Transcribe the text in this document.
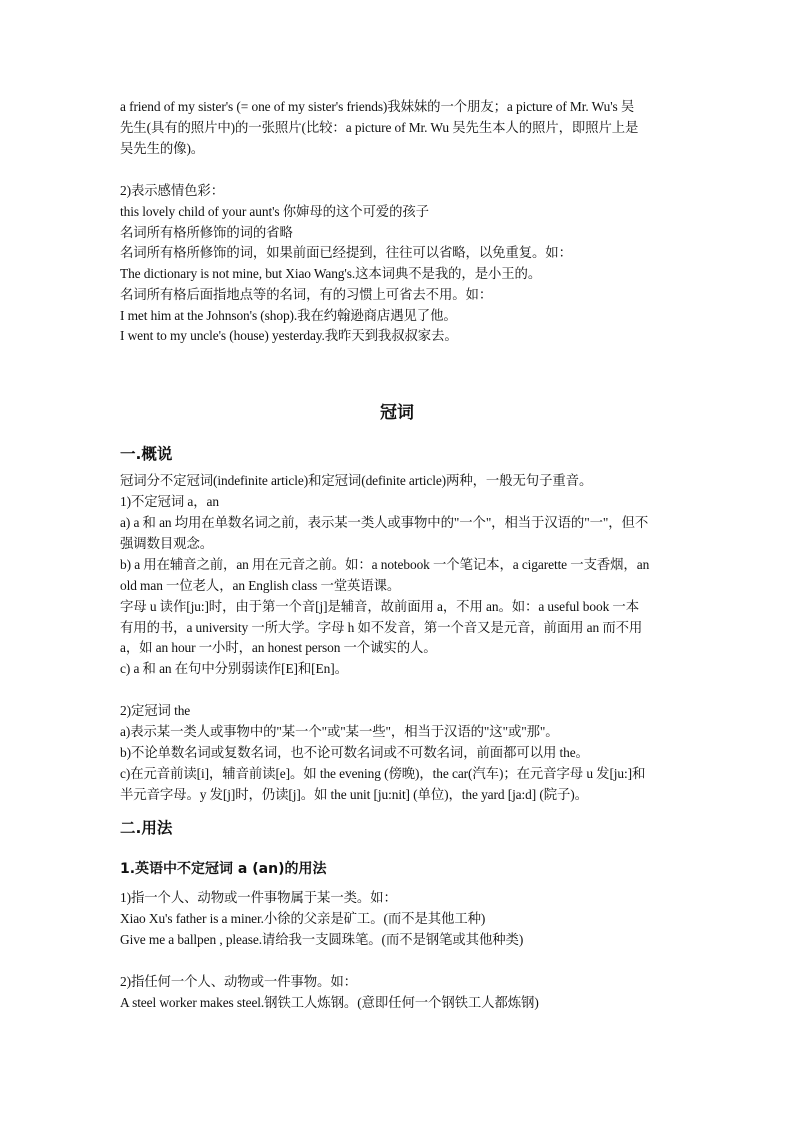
a friend of my sister's (= one of my sister's friends)我妹妹的一个朋友；a picture of Mr. Wu's 吴
先生(具有的照片中)的一张照片(比较：a picture of Mr. Wu 吴先生本人的照片，即照片上是
吴先生的像)。
2)表示感情色彩：
this lovely child of your aunt's 你婶母的这个可爱的孩子
名词所有格所修饰的词的省略
名词所有格所修饰的词，如果前面已经提到，往往可以省略，以免重复。如：
The dictionary is not mine, but Xiao Wang's.这本词典不是我的，是小王的。
名词所有格后面指地点等的名词，有的习惯上可省去不用。如：
I met him at the Johnson's (shop).我在约翰逊商店遇见了他。
I went to my uncle's (house) yesterday.我昨天到我叔叔家去。
冠词
一.概说
冠词分不定冠词(indefinite article)和定冠词(definite article)两种，一般无句子重音。
1)不定冠词 a，an
a) a 和 an 均用在单数名词之前，表示某一类人或事物中的"一个"，相当于汉语的"一"，但不
强调数目观念。
b) a 用在辅音之前，an 用在元音之前。如：a notebook 一个笔记本，a cigarette 一支香烟，an
old man 一位老人，an English class 一堂英语课。
字母 u 读作[ju:]时，由于第一个音[j]是辅音，故前面用 a，不用 an。如：a useful book 一本
有用的书，a university 一所大学。字母 h 如不发音，第一个音又是元音，前面用 an 而不用
a，如 an hour 一小时，an honest person 一个诚实的人。
c) a 和 an 在句中分别弱读作[E]和[En]。
2)定冠词 the
a)表示某一类人或事物中的"某一个"或"某一些"，相当于汉语的"这"或"那"。
b)不论单数名词或复数名词，也不论可数名词或不可数名词，前面都可以用 the。
c)在元音前读[i]，辅音前读[e]。如 the evening (傍晚)，the car(汽车)；在元音字母 u 发[ju:]和
半元音字母。y 发[j]时，仍读[j]。如 the unit [ju:nit] (单位)，the yard [ja:d] (院子)。
二.用法
1.英语中不定冠词 a (an)的用法
1)指一个人、动物或一件事物属于某一类。如：
Xiao Xu's father is a miner.小徐的父亲是矿工。(而不是其他工种)
Give me a ballpen , please.请给我一支圆珠笔。(而不是钢笔或其他种类)
2)指任何一个人、动物或一件事物。如：
A steel worker makes steel.钢铁工人炼钢。(意即任何一个钢铁工人都炼钢)
